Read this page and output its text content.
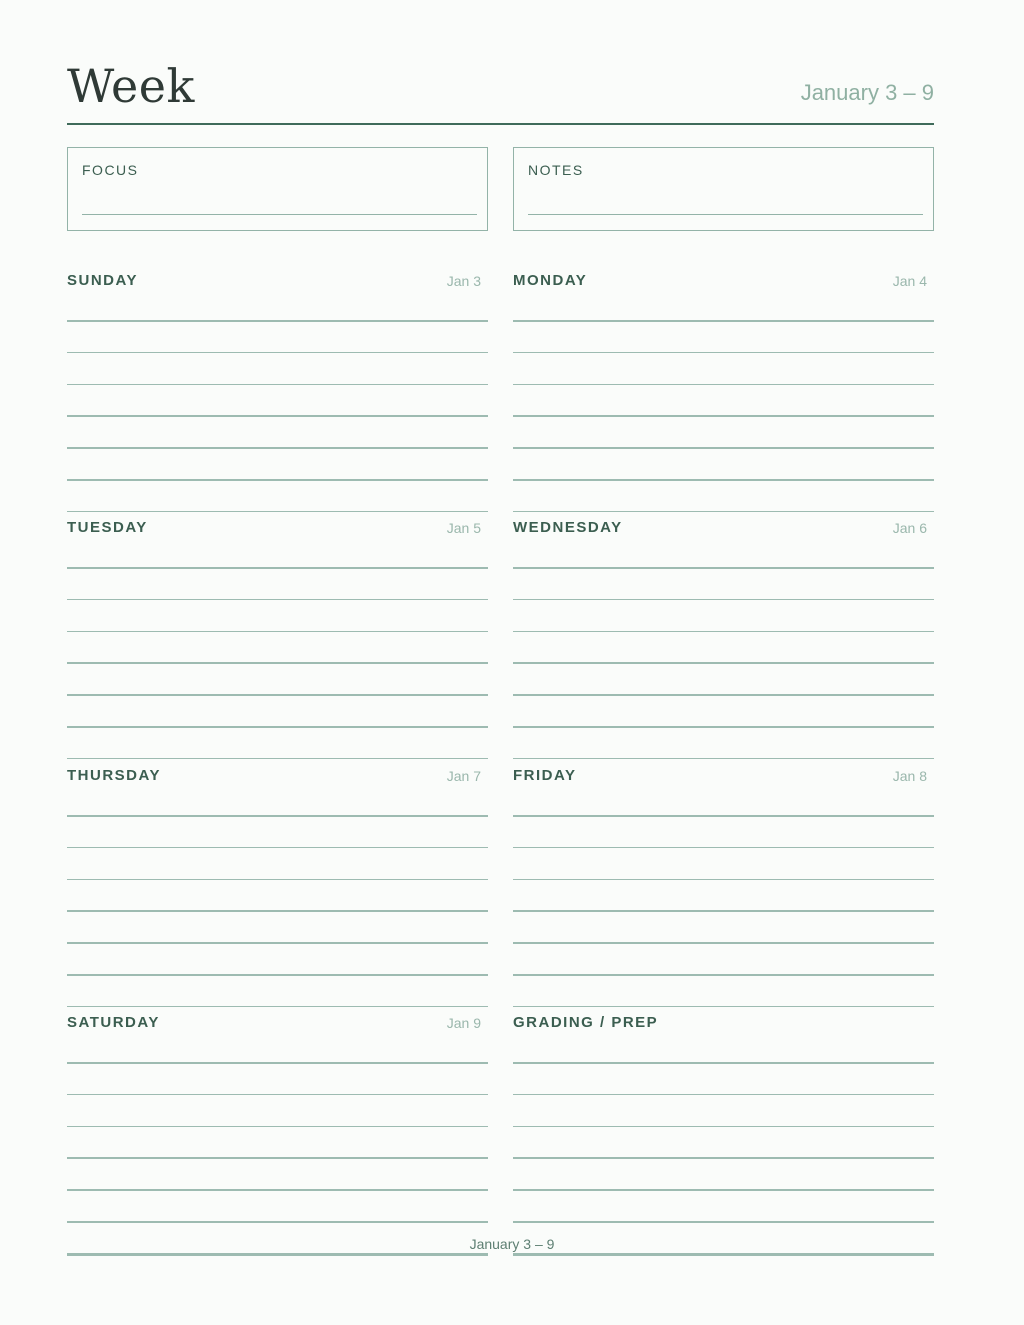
Week	January 3 – 9
FOCUS	NOTES
SUNDAY	Jan 3 MONDAY	Jan 4
TUESDAY	Jan 5 WEDNESDAY	Jan 6
THURSDAY	Jan 7 FRIDAY	Jan 8
SATURDAY	Jan 9 GRADING / PREP
January 3 – 9
